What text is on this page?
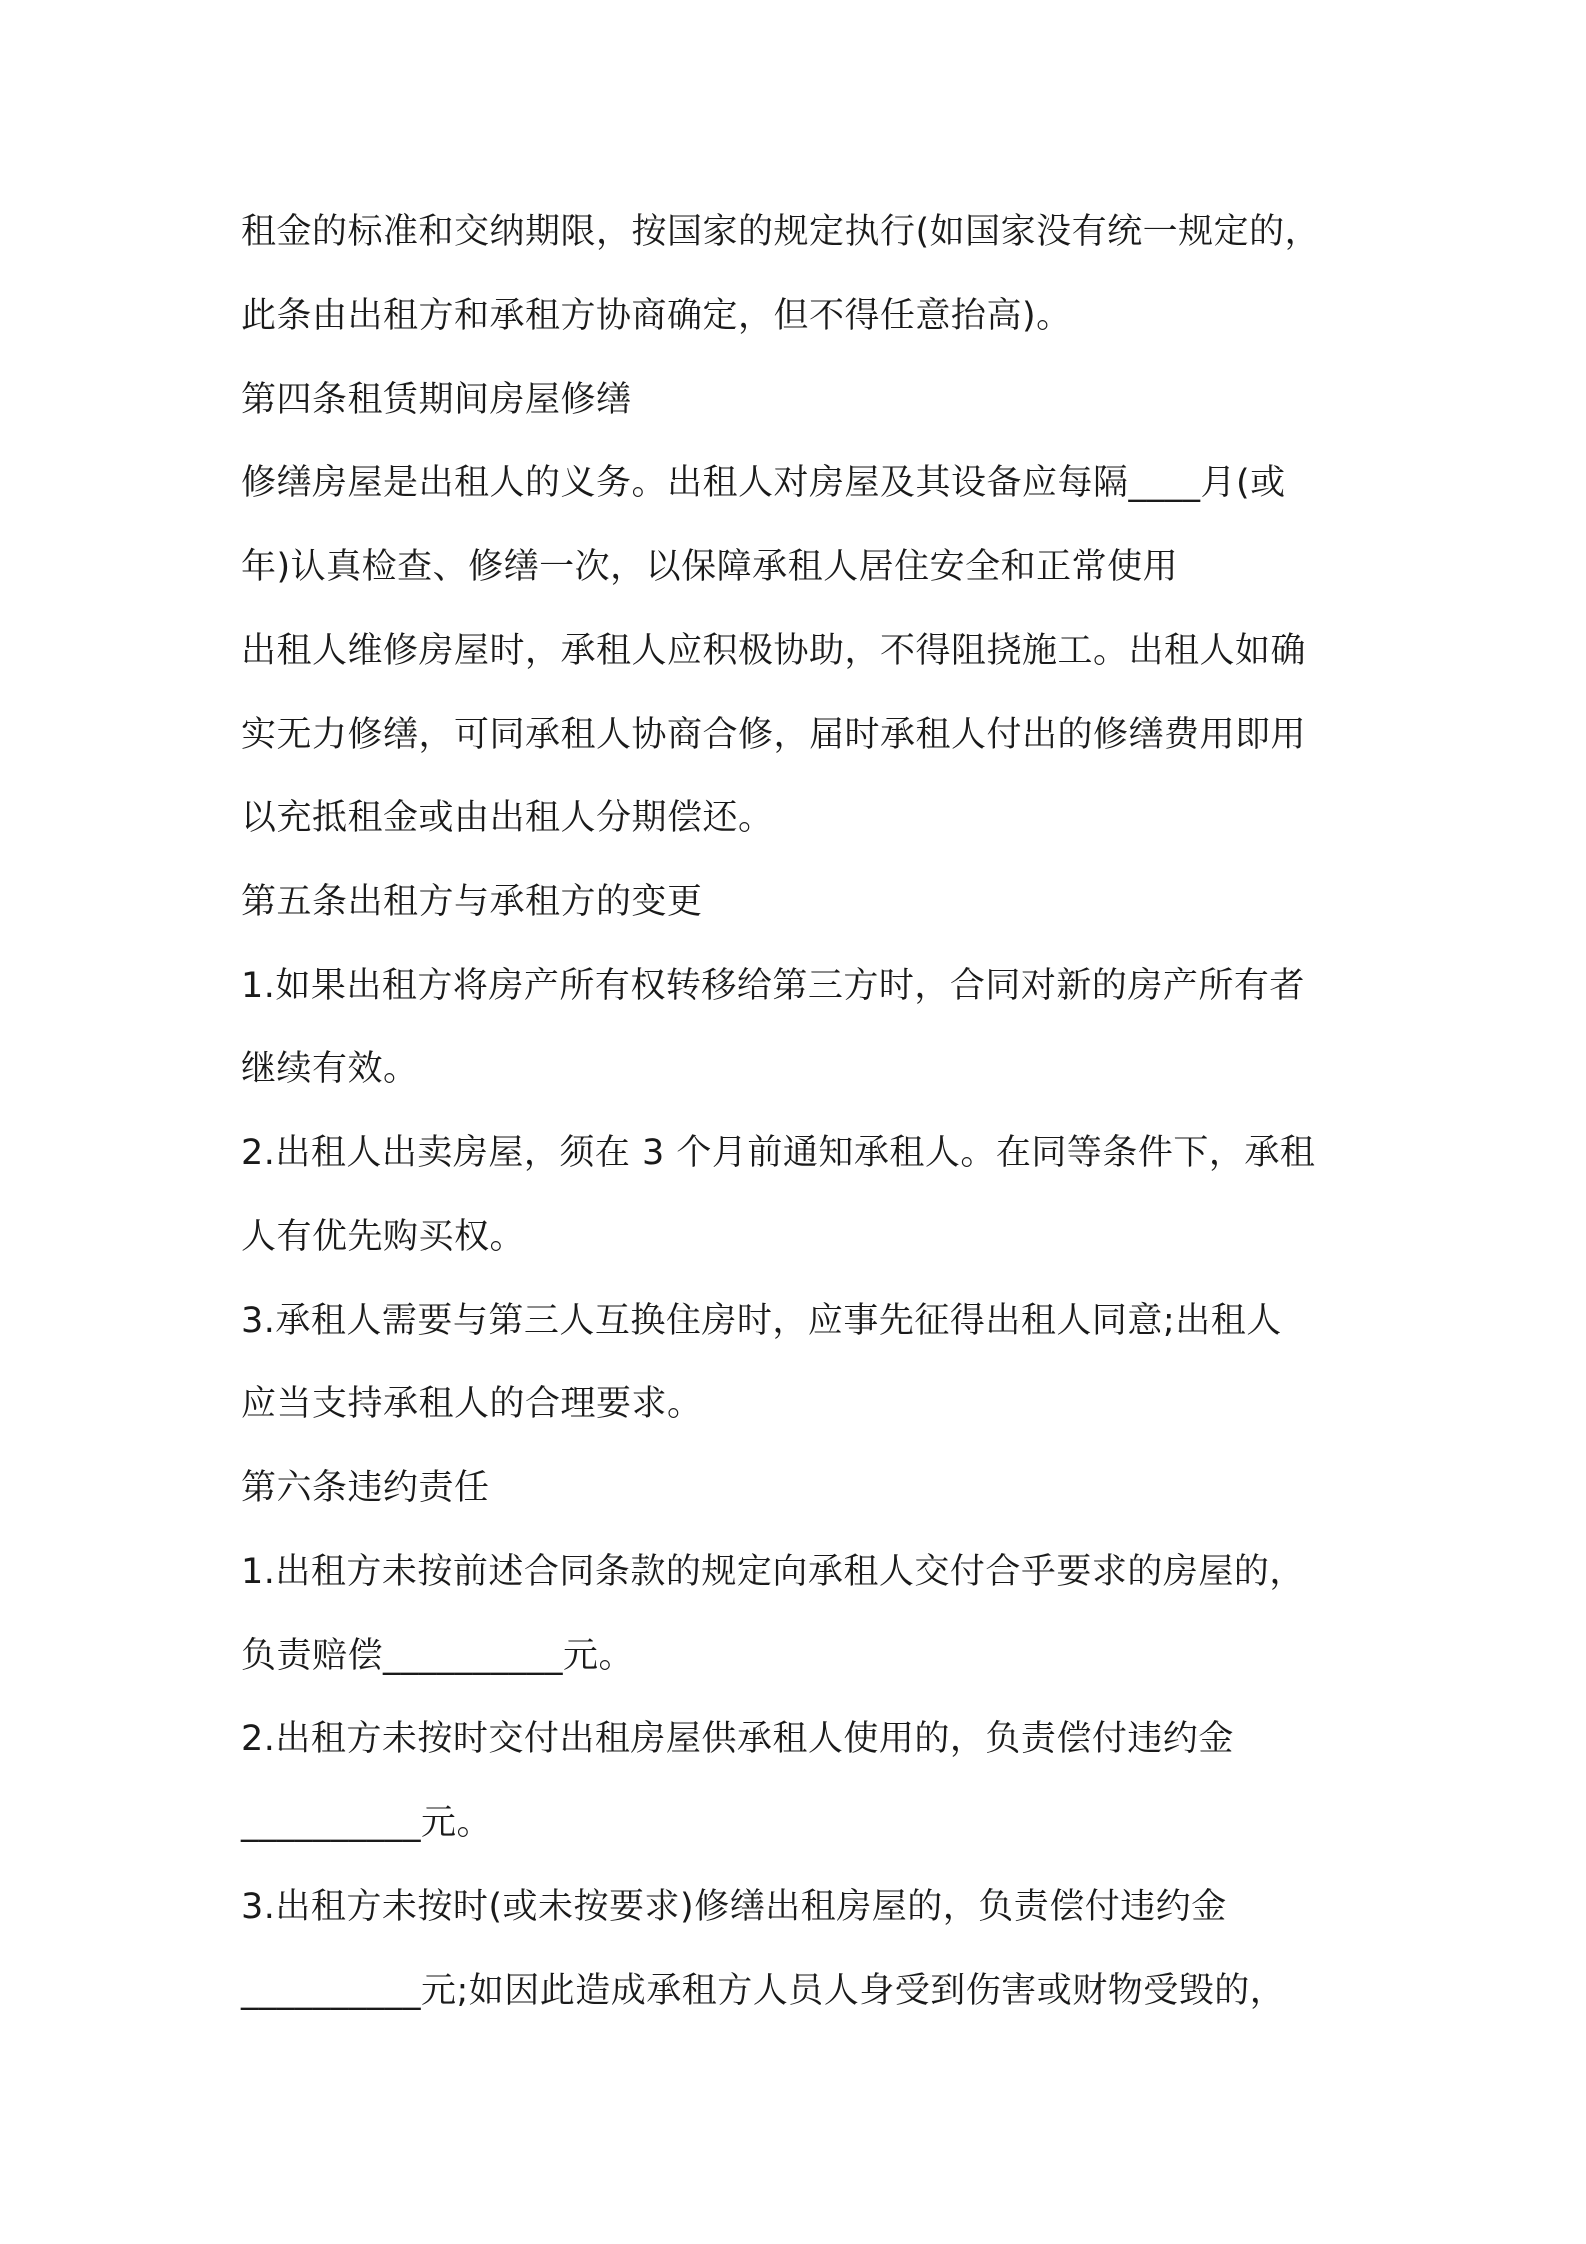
租金的标准和交纳期限，按国家的规定执行(如国家没有统一规定的，

此条由出租方和承租方协商确定，但不得任意抬高)。

第四条租赁期间房屋修缮

修缮房屋是出租人的义务。出租人对房屋及其设备应每隔____月(或

年)认真检查、修缮一次，以保障承租人居住安全和正常使用

出租人维修房屋时，承租人应积极协助，不得阻挠施工。出租人如确

实无力修缮，可同承租人协商合修，届时承租人付出的修缮费用即用

以充抵租金或由出租人分期偿还。

第五条出租方与承租方的变更

1.如果出租方将房产所有权转移给第三方时，合同对新的房产所有者

继续有效。

2.出租人出卖房屋，须在 3 个月前通知承租人。在同等条件下，承租

人有优先购买权。

3.承租人需要与第三人互换住房时，应事先征得出租人同意;出租人

应当支持承租人的合理要求。

第六条违约责任

1.出租方未按前述合同条款的规定向承租人交付合乎要求的房屋的，

负责赔偿__________元。

2.出租方未按时交付出租房屋供承租人使用的，负责偿付违约金

__________元。

3.出租方未按时(或未按要求)修缮出租房屋的，负责偿付违约金

__________元;如因此造成承租方人员人身受到伤害或财物受毁的，
